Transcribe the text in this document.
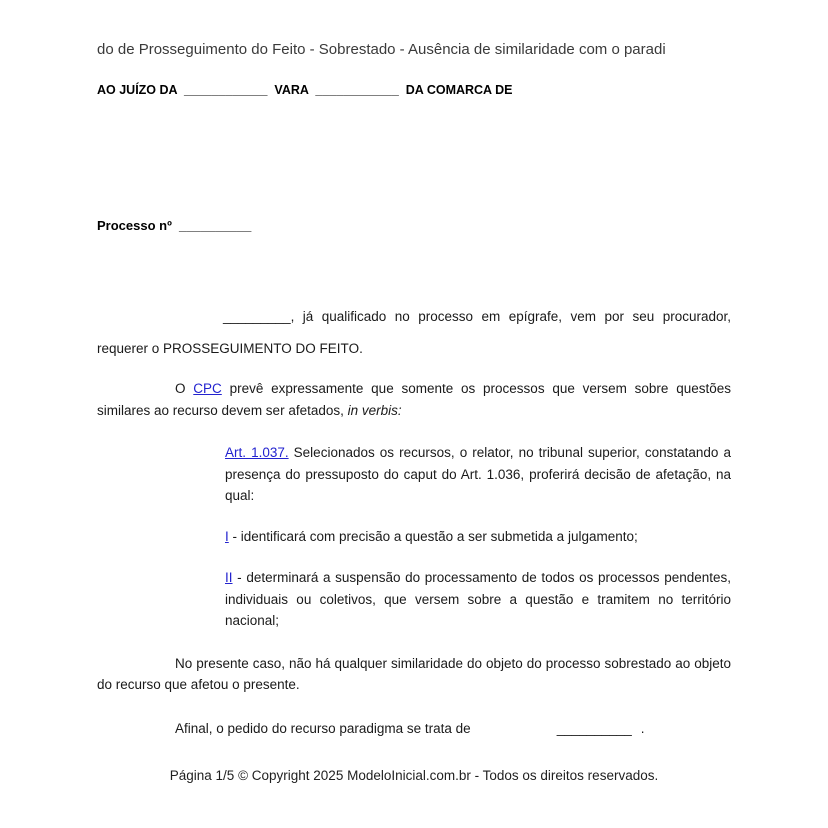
do de Prosseguimento do Feito - Sobrestado - Ausência de similaridade com o paradi
AO JUÍZO DA  ____________  VARA  ____________  DA COMARCA DE
Processo nº  __________

_________, já qualificado no processo em epígrafe, vem por seu procurador, requerer o PROSSEGUIMENTO DO FEITO.

O CPC prevê expressamente que somente os processos que versem sobre questões similares ao recurso devem ser afetados, in verbis:

Art. 1.037. Selecionados os recursos, o relator, no tribunal superior, constatando a presença do pressuposto do caput do Art. 1.036, proferirá decisão de afetação, na qual:

I - identificará com precisão a questão a ser submetida a julgamento;

II - determinará a suspensão do processamento de todos os processos pendentes, individuais ou coletivos, que versem sobre a questão e tramitem no território nacional;

No presente caso, não há qualquer similaridade do objeto do processo sobrestado ao objeto do recurso que afetou o presente.

Afinal, o pedido do recurso paradigma se trata de	__________ .

Página 1/5 © Copyright 2025 ModeloInicial.com.br - Todos os direitos reservados.
